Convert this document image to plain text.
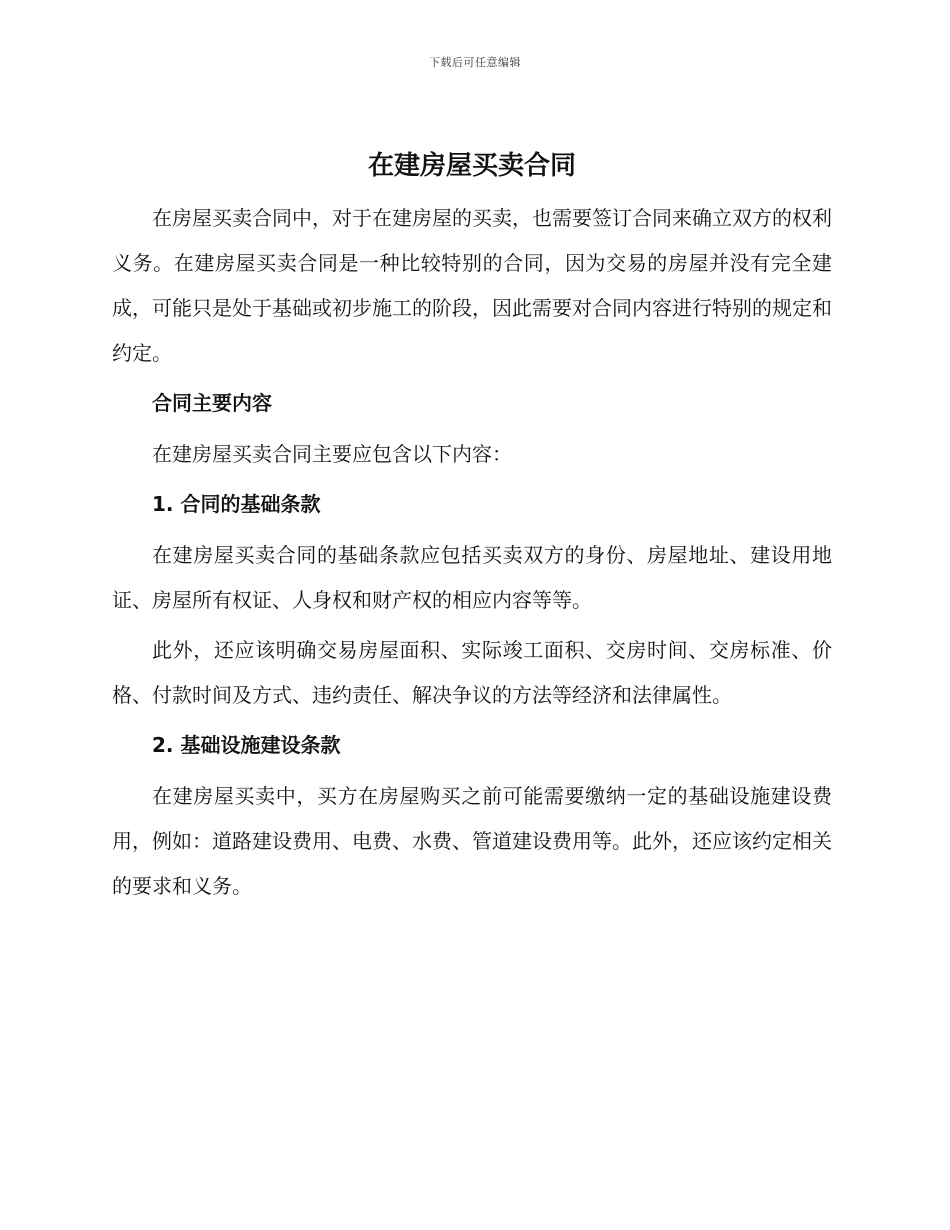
下载后可任意编辑
在建房屋买卖合同

在房屋买卖合同中，对于在建房屋的买卖，也需要签订合同来确立双方的权利义务。在建房屋买卖合同是一种比较特别的合同，因为交易的房屋并没有完全建成，可能只是处于基础或初步施工的阶段，因此需要对合同内容进行特别的规定和约定。

合同主要内容

在建房屋买卖合同主要应包含以下内容：

1. 合同的基础条款

在建房屋买卖合同的基础条款应包括买卖双方的身份、房屋地址、建设用地证、房屋所有权证、人身权和财产权的相应内容等等。

此外，还应该明确交易房屋面积、实际竣工面积、交房时间、交房标准、价格、付款时间及方式、违约责任、解决争议的方法等经济和法律属性。

2. 基础设施建设条款

在建房屋买卖中，买方在房屋购买之前可能需要缴纳一定的基础设施建设费用，例如：道路建设费用、电费、水费、管道建设费用等。此外，还应该约定相关的要求和义务。
